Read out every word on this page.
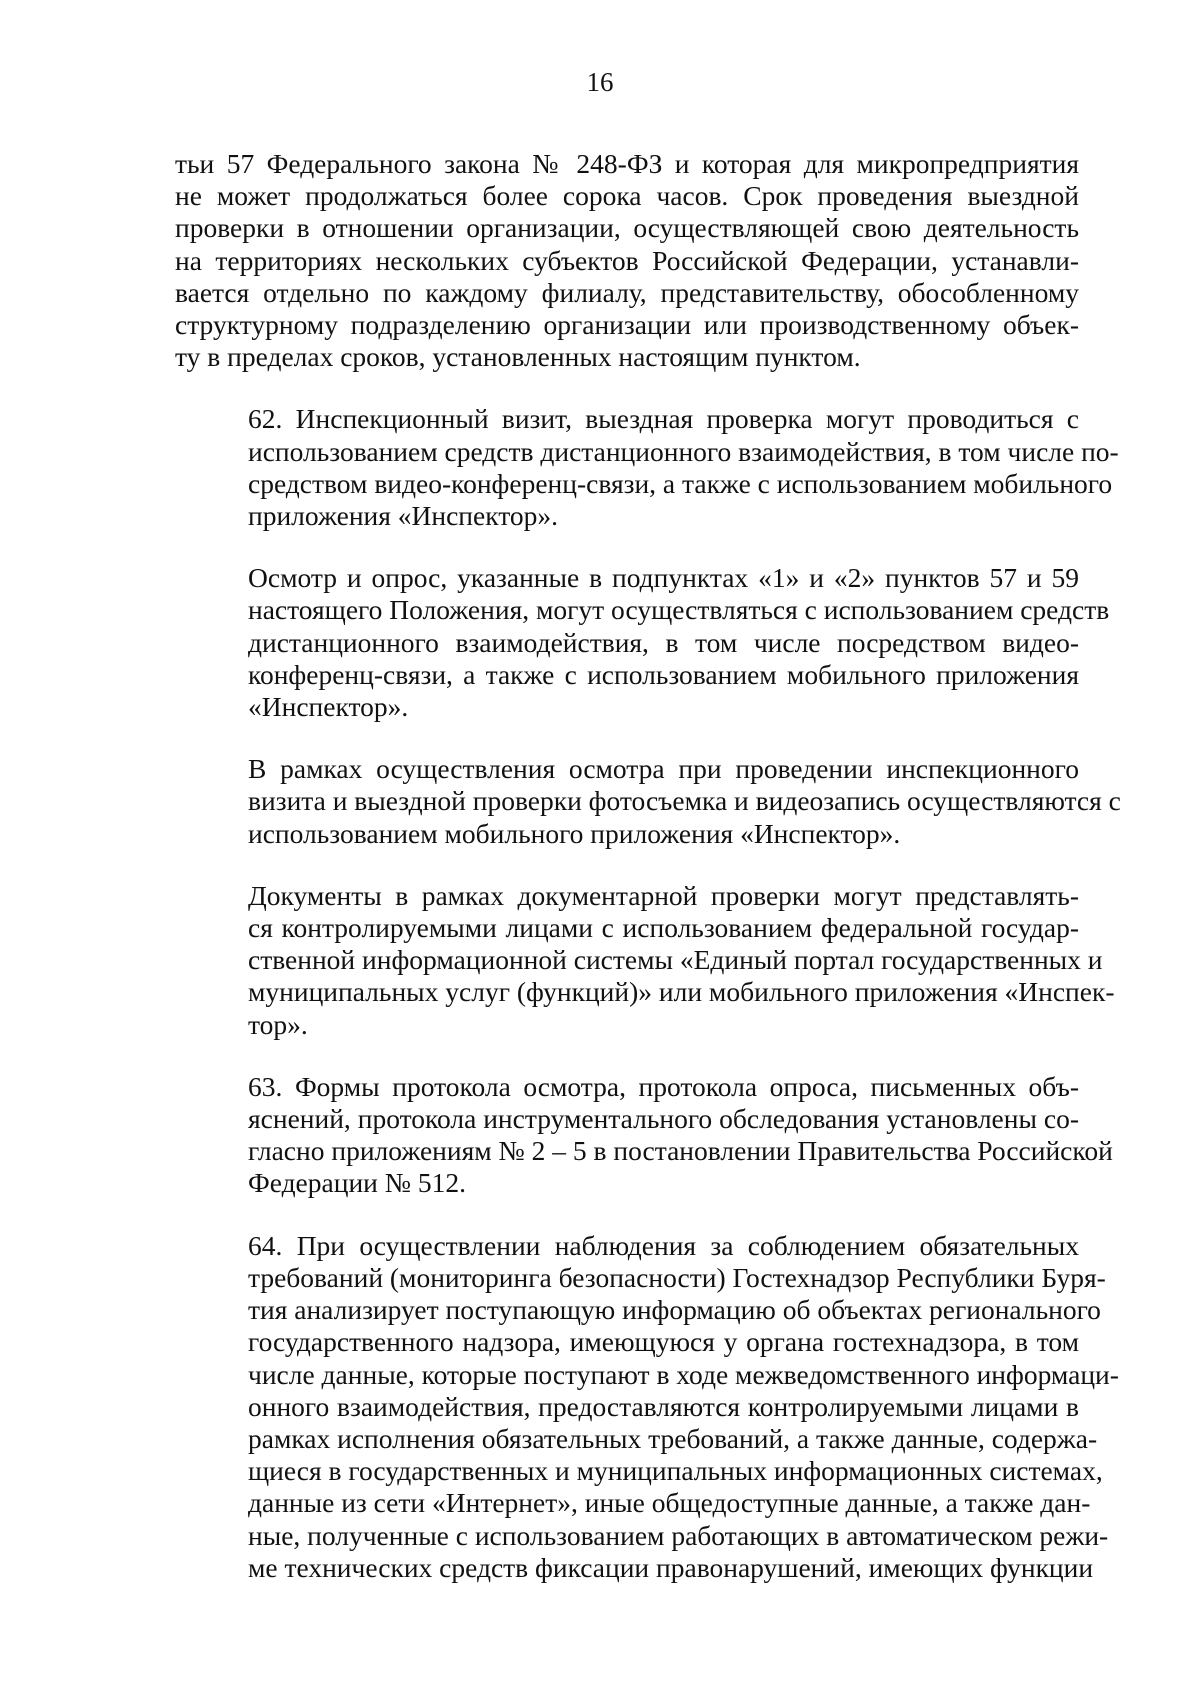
16
тьи 57 Федерального закона № 248-ФЗ и которая для микропредприятия
не может продолжаться более сорока часов. Срок проведения выездной
проверки в отношении организации, осуществляющей свою деятельность
на территориях нескольких субъектов Российской Федерации, устанавли-
вается отдельно по каждому филиалу, представительству, обособленному
структурному подразделению организации или производственному объек-
ту в пределах сроков, установленных настоящим пунктом.
62. Инспекционный визит, выездная проверка могут проводиться с
использованием средств дистанционного взаимодействия, в том числе по-
средством видео-конференц-связи, а также с использованием мобильного
приложения «Инспектор».
Осмотр и опрос, указанные в подпунктах «1» и «2» пунктов 57 и 59
настоящего Положения, могут осуществляться с использованием средств
дистанционного взаимодействия, в том числе посредством видео-
конференц-связи, а также с использованием мобильного приложения
«Инспектор».
В рамках осуществления осмотра при проведении инспекционного
визита и выездной проверки фотосъемка и видеозапись осуществляются с
использованием мобильного приложения «Инспектор».
Документы в рамках документарной проверки могут представлять-
ся контролируемыми лицами с использованием федеральной государ-
ственной информационной системы «Единый портал государственных и
муниципальных услуг (функций)» или мобильного приложения «Инспек-
тор».
63. Формы протокола осмотра, протокола опроса, письменных объ-
яснений, протокола инструментального обследования установлены со-
гласно приложениям № 2 – 5 в постановлении Правительства Российской
Федерации № 512.
64. При осуществлении наблюдения за соблюдением обязательных
требований (мониторинга безопасности) Гостехнадзор Республики Буря-
тия анализирует поступающую информацию об объектах регионального
государственного надзора, имеющуюся у органа гостехнадзора, в том
числе данные, которые поступают в ходе межведомственного информаци-
онного взаимодействия, предоставляются контролируемыми лицами в
рамках исполнения обязательных требований, а также данные, содержа-
щиеся в государственных и муниципальных информационных системах,
данные из сети «Интернет», иные общедоступные данные, а также дан-
ные, полученные с использованием работающих в автоматическом режи-
ме технических средств фиксации правонарушений, имеющих функции
